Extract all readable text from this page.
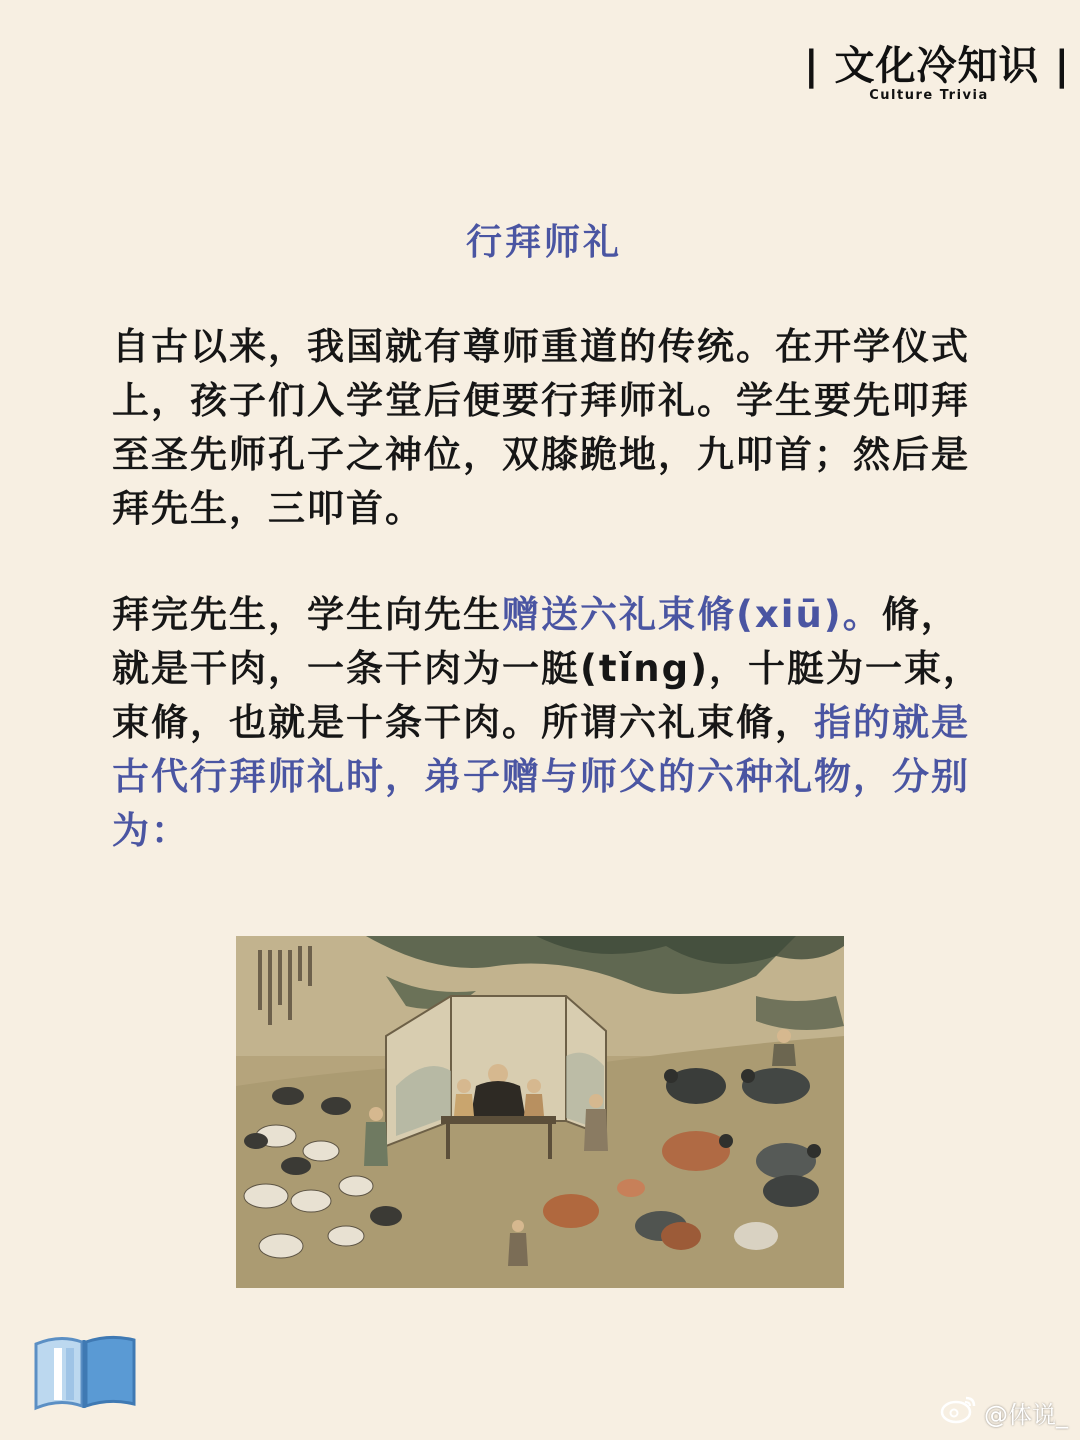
| 文化冷知识 |
Culture Trivia
行拜师礼

自古以来，我国就有尊师重道的传统。在开学仪式上，孩子们入学堂后便要行拜师礼。学生要先叩拜至圣先师孔子之神位，双膝跪地，九叩首；然后是拜先生，三叩首。

拜完先生，学生向先生赠送六礼束脩(xiū)。脩，就是干肉，一条干肉为一脡(tǐng)，十脡为一束，束脩，也就是十条干肉。所谓六礼束脩，指的就是古代行拜师礼时，弟子赠与师父的六种礼物，分别为：

@体说_
